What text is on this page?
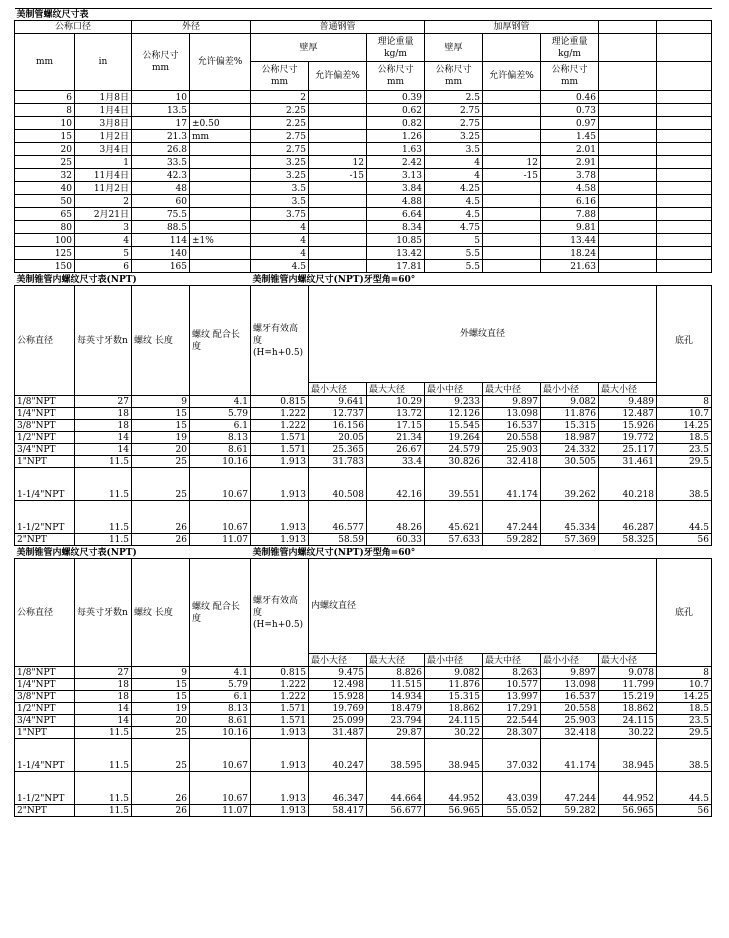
美制管螺纹尺寸表											
公称口径		外径		普通钢管			加厚钢管				
mm	in	公称尺寸mm	允许偏差%	壁厚		理论重量kg/m	壁厚		理论重量kg/m		
				公称尺寸mm	允许偏差%	公称尺寸mm	公称尺寸mm	允许偏差%	公称尺寸mm		
6	1月8日	10		2		0.39	2.5		0.46		
8	1月4日	13.5		2.25		0.62	2.75		0.73		
10	3月8日	17	±0.50	2.25		0.82	2.75		0.97		
15	1月2日	21.3	mm	2.75		1.26	3.25		1.45		
20	3月4日	26.8		2.75		1.63	3.5		2.01		
25	1	33.5		3.25	12	2.42	4	12	2.91		
32	11月4日	42.3		3.25	-15	3.13	4	-15	3.78		
40	11月2日	48		3.5		3.84	4.25		4.58		
50	2	60		3.5		4.88	4.5		6.16		
65	2月21日	75.5		3.75		6.64	4.5		7.88		
80	3	88.5		4		8.34	4.75		9.81		
100	4	114	±1%	4		10.85	5		13.44		
125	5	140		4		13.42	5.5		18.24		
150	6	165		4.5		17.81	5.5		21.63		
美制锥管内螺纹尺寸表(NPT)				美制锥管内螺纹尺寸(NPT)牙型角=60°							
公称直径	每英寸牙数n	螺纹 长度	螺纹 配合长度	螺牙有效高度(H=h+0.5)	外螺纹直径						底孔
					最小大径	最大大径	最小中径	最大中径	最小小径	最大小径	
1/8"NPT	27	9	4.1	0.815	9.641	10.29	9.233	9.897	9.082	9.489	8
1/4"NPT	18	15	5.79	1.222	12.737	13.72	12.126	13.098	11.876	12.487	10.7
3/8"NPT	18	15	6.1	1.222	16.156	17.15	15.545	16.537	15.315	15.926	14.25
1/2"NPT	14	19	8.13	1.571	20.05	21.34	19.264	20.558	18.987	19.772	18.5
3/4"NPT	14	20	8.61	1.571	25.365	26.67	24.579	25.903	24.332	25.117	23.5
1"NPT	11.5	25	10.16	1.913	31.783	33.4	30.826	32.418	30.505	31.461	29.5
1-1/4"NPT	11.5	25	10.67	1.913	40.508	42.16	39.551	41.174	39.262	40.218	38.5
1-1/2"NPT	11.5	26	10.67	1.913	46.577	48.26	45.621	47.244	45.334	46.287	44.5
2"NPT	11.5	26	11.07	1.913	58.59	60.33	57.633	59.282	57.369	58.325	56
美制锥管内螺纹尺寸表(NPT)				美制锥管内螺纹尺寸(NPT)牙型角=60°							
公称直径	每英寸牙数n	螺纹 长度	螺纹 配合长度	螺牙有效高度(H=h+0.5)	内螺纹直径						底孔
					最小大径	最大大径	最小中径	最大中径	最小小径	最大小径	
1/8"NPT	27	9	4.1	0.815	9.475	8.826	9.082	8.263	9.897	9.078	8
1/4"NPT	18	15	5.79	1.222	12.498	11.515	11.876	10.577	13.098	11.799	10.7
3/8"NPT	18	15	6.1	1.222	15.928	14.934	15.315	13.997	16.537	15.219	14.25
1/2"NPT	14	19	8.13	1.571	19.769	18.479	18.862	17.291	20.558	18.862	18.5
3/4"NPT	14	20	8.61	1.571	25.099	23.794	24.115	22.544	25.903	24.115	23.5
1"NPT	11.5	25	10.16	1.913	31.487	29.87	30.22	28.307	32.418	30.22	29.5
1-1/4"NPT	11.5	25	10.67	1.913	40.247	38.595	38.945	37.032	41.174	38.945	38.5
1-1/2"NPT	11.5	26	10.67	1.913	46.347	44.664	44.952	43.039	47.244	44.952	44.5
2"NPT	11.5	26	11.07	1.913	58.417	56.677	56.965	55.052	59.282	56.965	56
